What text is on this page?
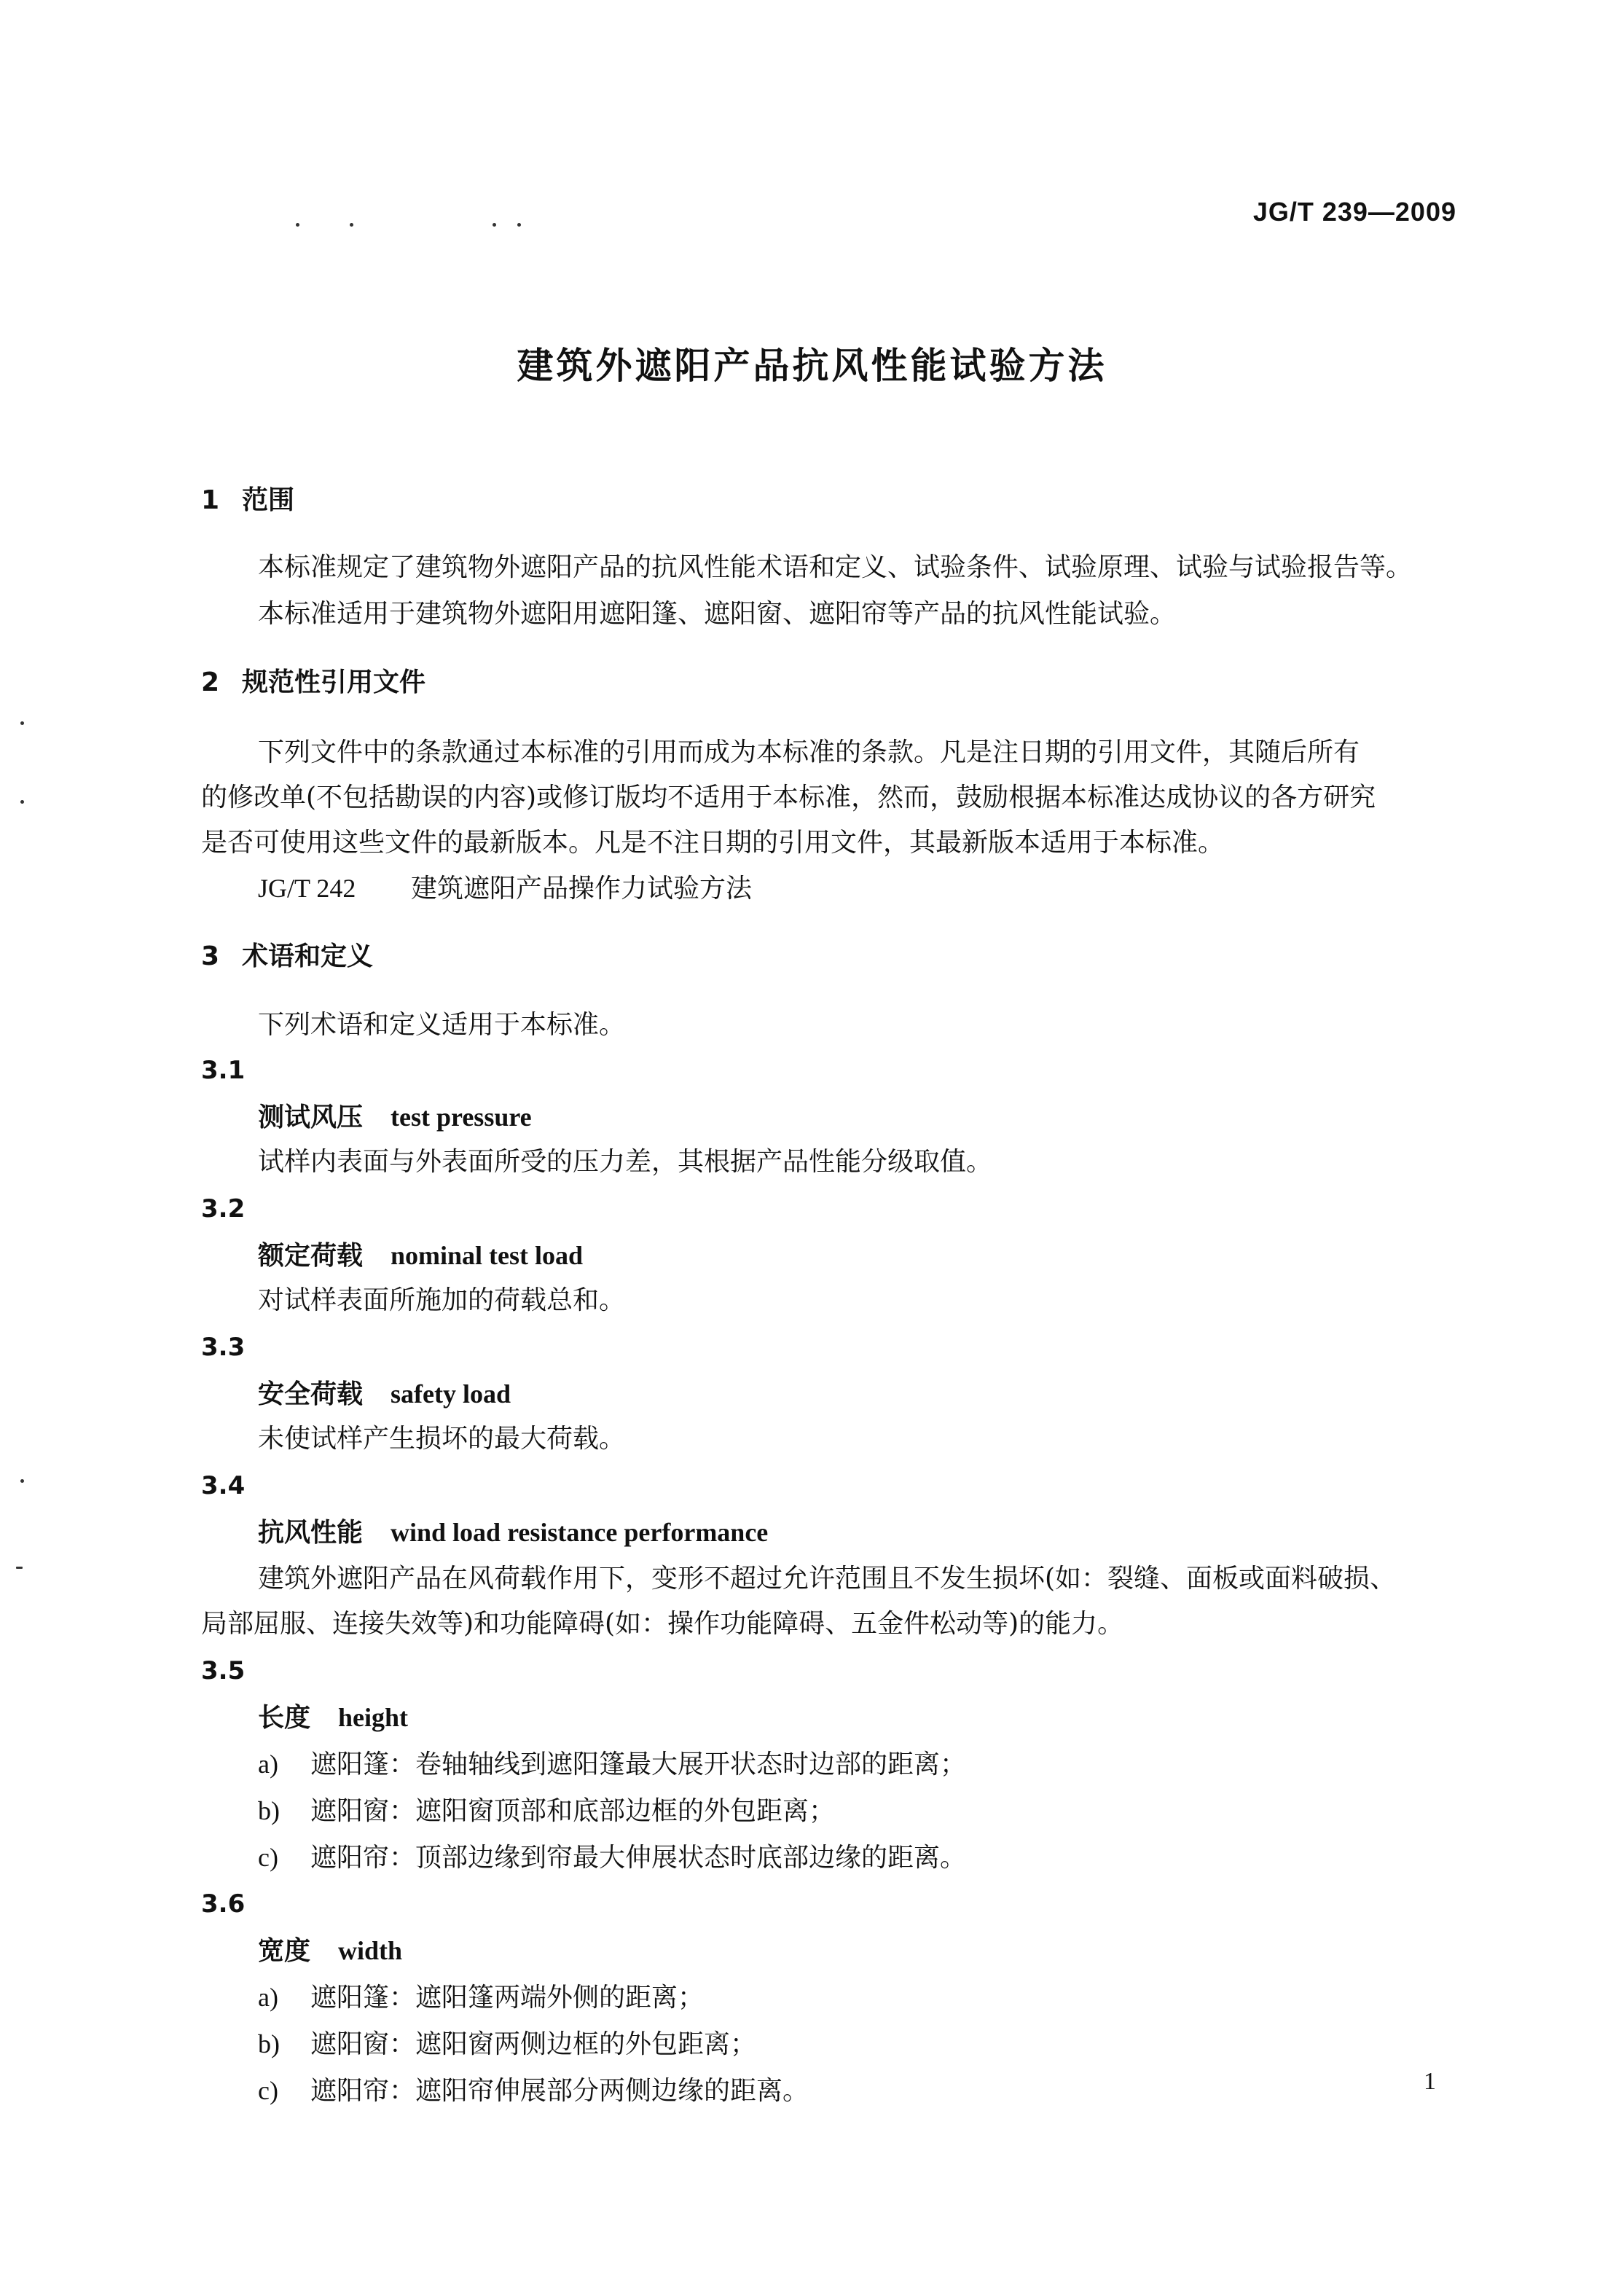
JG/T 239—2009
建筑外遮阳产品抗风性能试验方法
1 范围
本标准规定了建筑物外遮阳产品的抗风性能术语和定义、试验条件、试验原理、试验与试验报告等。
本标准适用于建筑物外遮阳用遮阳篷、遮阳窗、遮阳帘等产品的抗风性能试验。
2 规范性引用文件
下列文件中的条款通过本标准的引用而成为本标准的条款。凡是注日期的引用文件，其随后所有
的修改单(不包括勘误的内容)或修订版均不适用于本标准，然而，鼓励根据本标准达成协议的各方研究
是否可使用这些文件的最新版本。凡是不注日期的引用文件，其最新版本适用于本标准。
JG/T 242 建筑遮阳产品操作力试验方法
3 术语和定义
下列术语和定义适用于本标准。
3.1
测试风压 test pressure
试样内表面与外表面所受的压力差，其根据产品性能分级取值。
3.2
额定荷载 nominal test load
对试样表面所施加的荷载总和。
3.3
安全荷载 safety load
未使试样产生损坏的最大荷载。
3.4
抗风性能 wind load resistance performance
建筑外遮阳产品在风荷载作用下，变形不超过允许范围且不发生损坏(如：裂缝、面板或面料破损、
局部屈服、连接失效等)和功能障碍(如：操作功能障碍、五金件松动等)的能力。
3.5
长度 height
a) 遮阳篷：卷轴轴线到遮阳篷最大展开状态时边部的距离；
b) 遮阳窗：遮阳窗顶部和底部边框的外包距离；
c) 遮阳帘：顶部边缘到帘最大伸展状态时底部边缘的距离。
3.6
宽度 width
a) 遮阳篷：遮阳篷两端外侧的距离；
b) 遮阳窗：遮阳窗两侧边框的外包距离；
c) 遮阳帘：遮阳帘伸展部分两侧边缘的距离。	1
